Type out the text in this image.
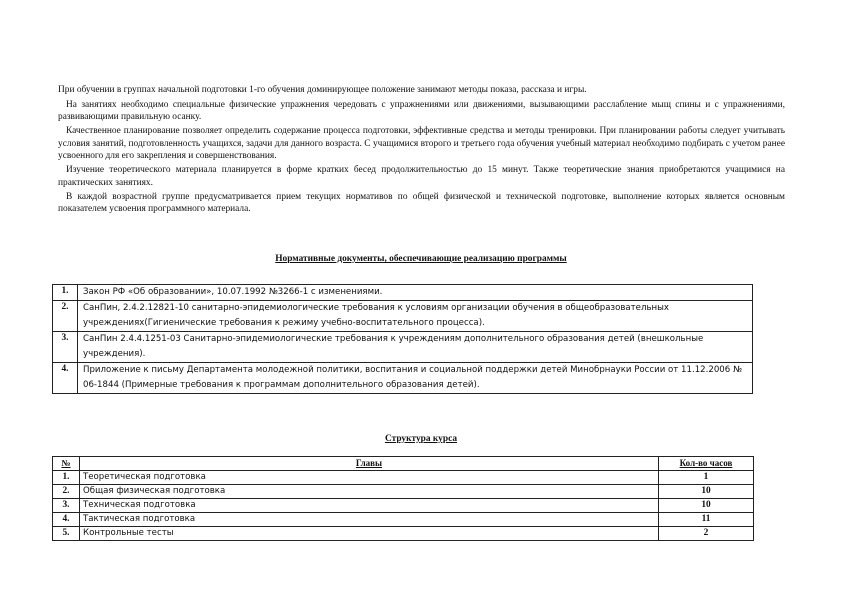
При обучении в группах начальной подготовки 1-го обучения доминирующее положение занимают методы показа, рассказа и игры.

На занятиях необходимо специальные физические упражнения чередовать с упражнениями или движениями, вызывающими расслабление мыщ спины и с упражнениями, развивающими правильную осанку.

Качественное планирование позволяет определить содержание процесса подготовки, эффективные средства и методы тренировки. При планировании работы следует учитывать условия занятий, подготовленность учащихся, задачи для данного возраста. С учащимися второго и третьего года обучения учебный материал необходимо подбирать с учетом ранее усвоенного для его закрепления и совершенствования.

Изучение теоретического материала планируется в форме кратких бесед продолжительностью до 15 минут. Также теоретические знания приобретаются учащимися на практических занятиях.

В каждой возрастной группе предусматривается прием текущих нормативов по общей физической и технической подготовке, выполнение которых является основным показателем усвоения программного материала.

Нормативные документы, обеспечивающие реализацию программы
1.	Закон РФ «Об образовании», 10.07.1992 №3266-1 с изменениями.
2.	СанПин, 2.4.2.12821-10 санитарно-эпидемиологические требования к условиям организации обучения в общеобразовательных учреждениях(Гигиенические требования к режиму учебно-воспитательного процесса).
3.	СанПин 2.4.4.1251-03 Санитарно-эпидемиологические требования к учреждениям дополнительного образования детей (внешкольные учреждения).
4.	Приложение к письму Департамента молодежной политики, воспитания и социальной поддержки детей Минобрнауки России от 11.12.2006 № 06-1844 (Примерные требования к программам дополнительного образования детей).
Структура курса
№	Главы	Кол-во часов
1.	Теоретическая подготовка	1
2.	Общая физическая подготовка	10
3.	Техническая подготовка	10
4.	Тактическая подготовка	11
5.	Контрольные тесты	2
